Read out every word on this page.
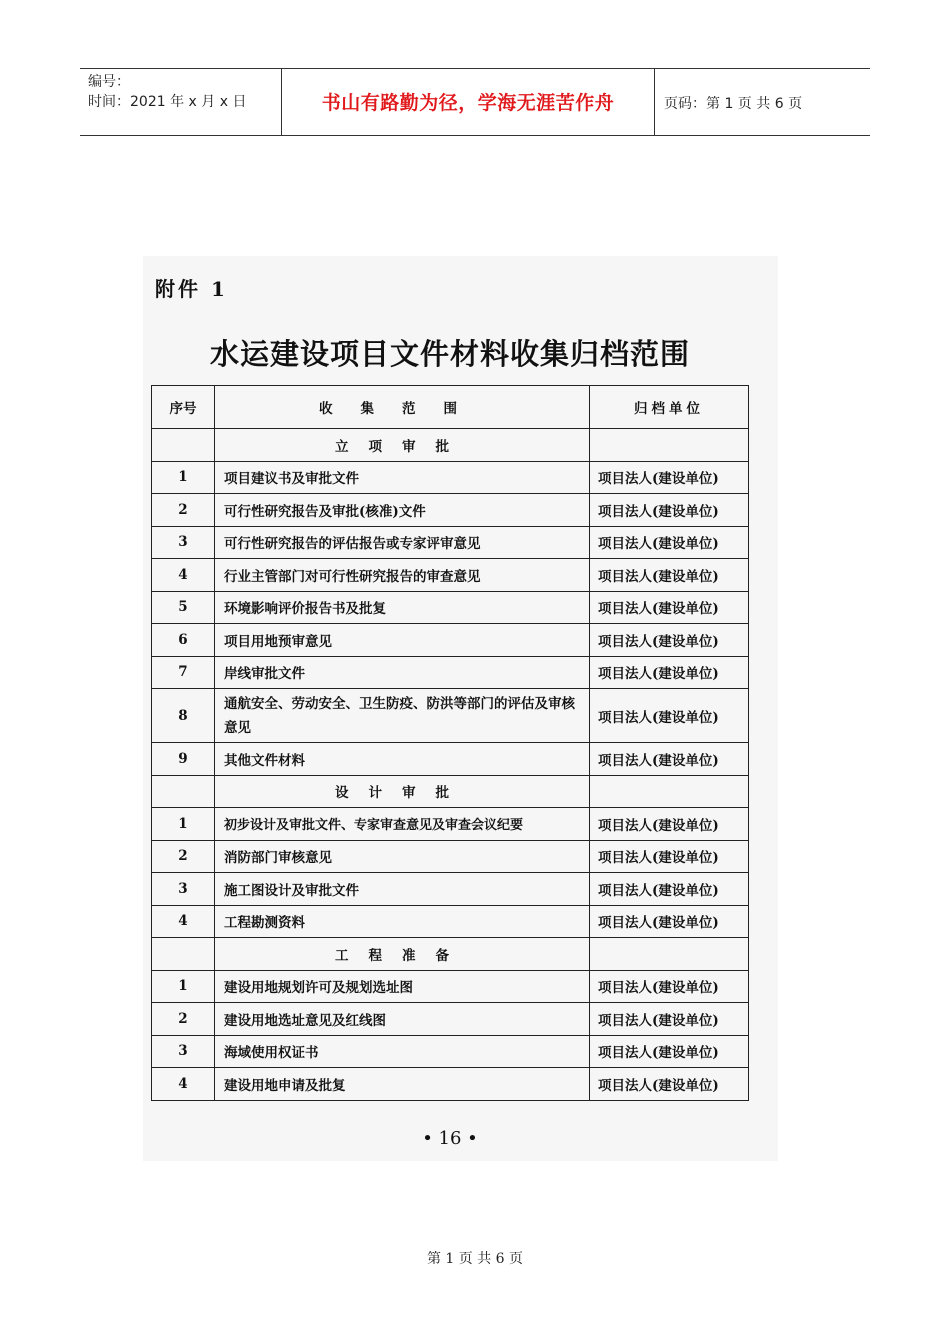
编号：
时间：2021 年 x 月 x 日	书山有路勤为径，学海无涯苦作舟	页码：第 1 页 共 6 页
附件 1
水运建设项目文件材料收集归档范围
序号	收集范围	归档单位
	立项审批	
1	项目建议书及审批文件	项目法人(建设单位)
2	可行性研究报告及审批(核准)文件	项目法人(建设单位)
3	可行性研究报告的评估报告或专家评审意见	项目法人(建设单位)
4	行业主管部门对可行性研究报告的审查意见	项目法人(建设单位)
5	环境影响评价报告书及批复	项目法人(建设单位)
6	项目用地预审意见	项目法人(建设单位)
7	岸线审批文件	项目法人(建设单位)
8	通航安全、劳动安全、卫生防疫、防洪等部门的评估及审核意见	项目法人(建设单位)
9	其他文件材料	项目法人(建设单位)
	设计审批	
1	初步设计及审批文件、专家审查意见及审查会议纪要	项目法人(建设单位)
2	消防部门审核意见	项目法人(建设单位)
3	施工图设计及审批文件	项目法人(建设单位)
4	工程勘测资料	项目法人(建设单位)
	工程准备	
1	建设用地规划许可及规划选址图	项目法人(建设单位)
2	建设用地选址意见及红线图	项目法人(建设单位)
3	海域使用权证书	项目法人(建设单位)
4	建设用地申请及批复	项目法人(建设单位)
• 16 •
第 1 页 共 6 页
